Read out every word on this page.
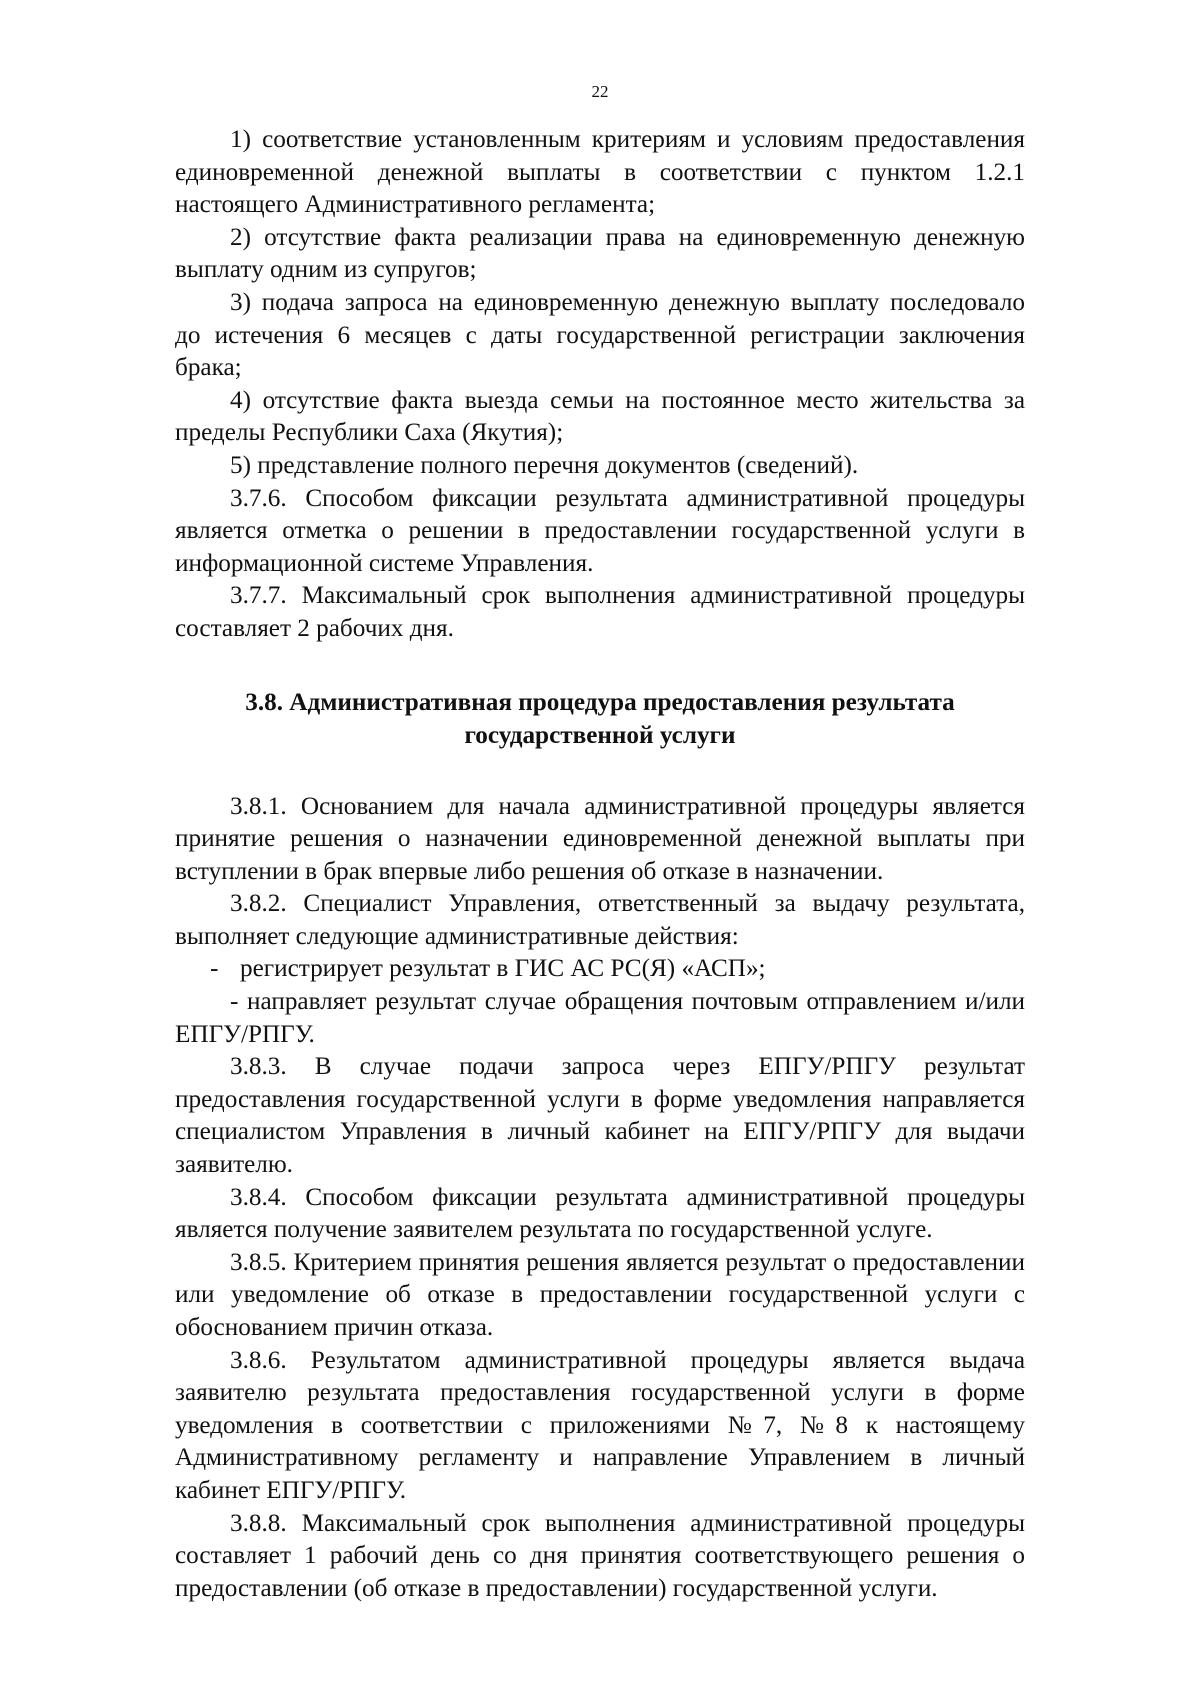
22

1) соответствие установленным критериям и условиям предоставления единовременной денежной выплаты в соответствии с пунктом 1.2.1 настоящего Административного регламента;

2) отсутствие факта реализации права на единовременную денежную выплату одним из супругов;

3) подача запроса на единовременную денежную выплату последовало до истечения 6 месяцев с даты государственной регистрации заключения брака;

4) отсутствие факта выезда семьи на постоянное место жительства за пределы Республики Саха (Якутия);

5) представление полного перечня документов (сведений).

3.7.6. Способом фиксации результата административной процедуры является отметка о решении в предоставлении государственной услуги в информационной системе Управления.

3.7.7. Максимальный срок выполнения административной процедуры составляет 2 рабочих дня.

3.8. Административная процедура предоставления результата
государственной услуги

3.8.1. Основанием для начала административной процедуры является принятие решения о назначении единовременной денежной выплаты при вступлении в брак впервые либо решения об отказе в назначении.

3.8.2. Специалист Управления, ответственный за выдачу результата, выполняет следующие административные действия:

- регистрирует результат в ГИС АС РС(Я) «АСП»;

- направляет результат случае обращения почтовым отправлением и/или ЕПГУ/РПГУ.

3.8.3. В случае подачи запроса через ЕПГУ/РПГУ результат предоставления государственной услуги в форме уведомления направляется специалистом Управления в личный кабинет на ЕПГУ/РПГУ для выдачи заявителю.

3.8.4. Способом фиксации результата административной процедуры является получение заявителем результата по государственной услуге.

3.8.5. Критерием принятия решения является результат о предоставлении или уведомление об отказе в предоставлении государственной услуги с обоснованием причин отказа.

3.8.6. Результатом административной процедуры является выдача заявителю результата предоставления государственной услуги в форме уведомления в соответствии с приложениями №7, №8 к настоящему Административному регламенту и направление Управлением в личный кабинет ЕПГУ/РПГУ.

3.8.8. Максимальный срок выполнения административной процедуры составляет 1 рабочий день со дня принятия соответствующего решения о предоставлении (об отказе в предоставлении) государственной услуги.
